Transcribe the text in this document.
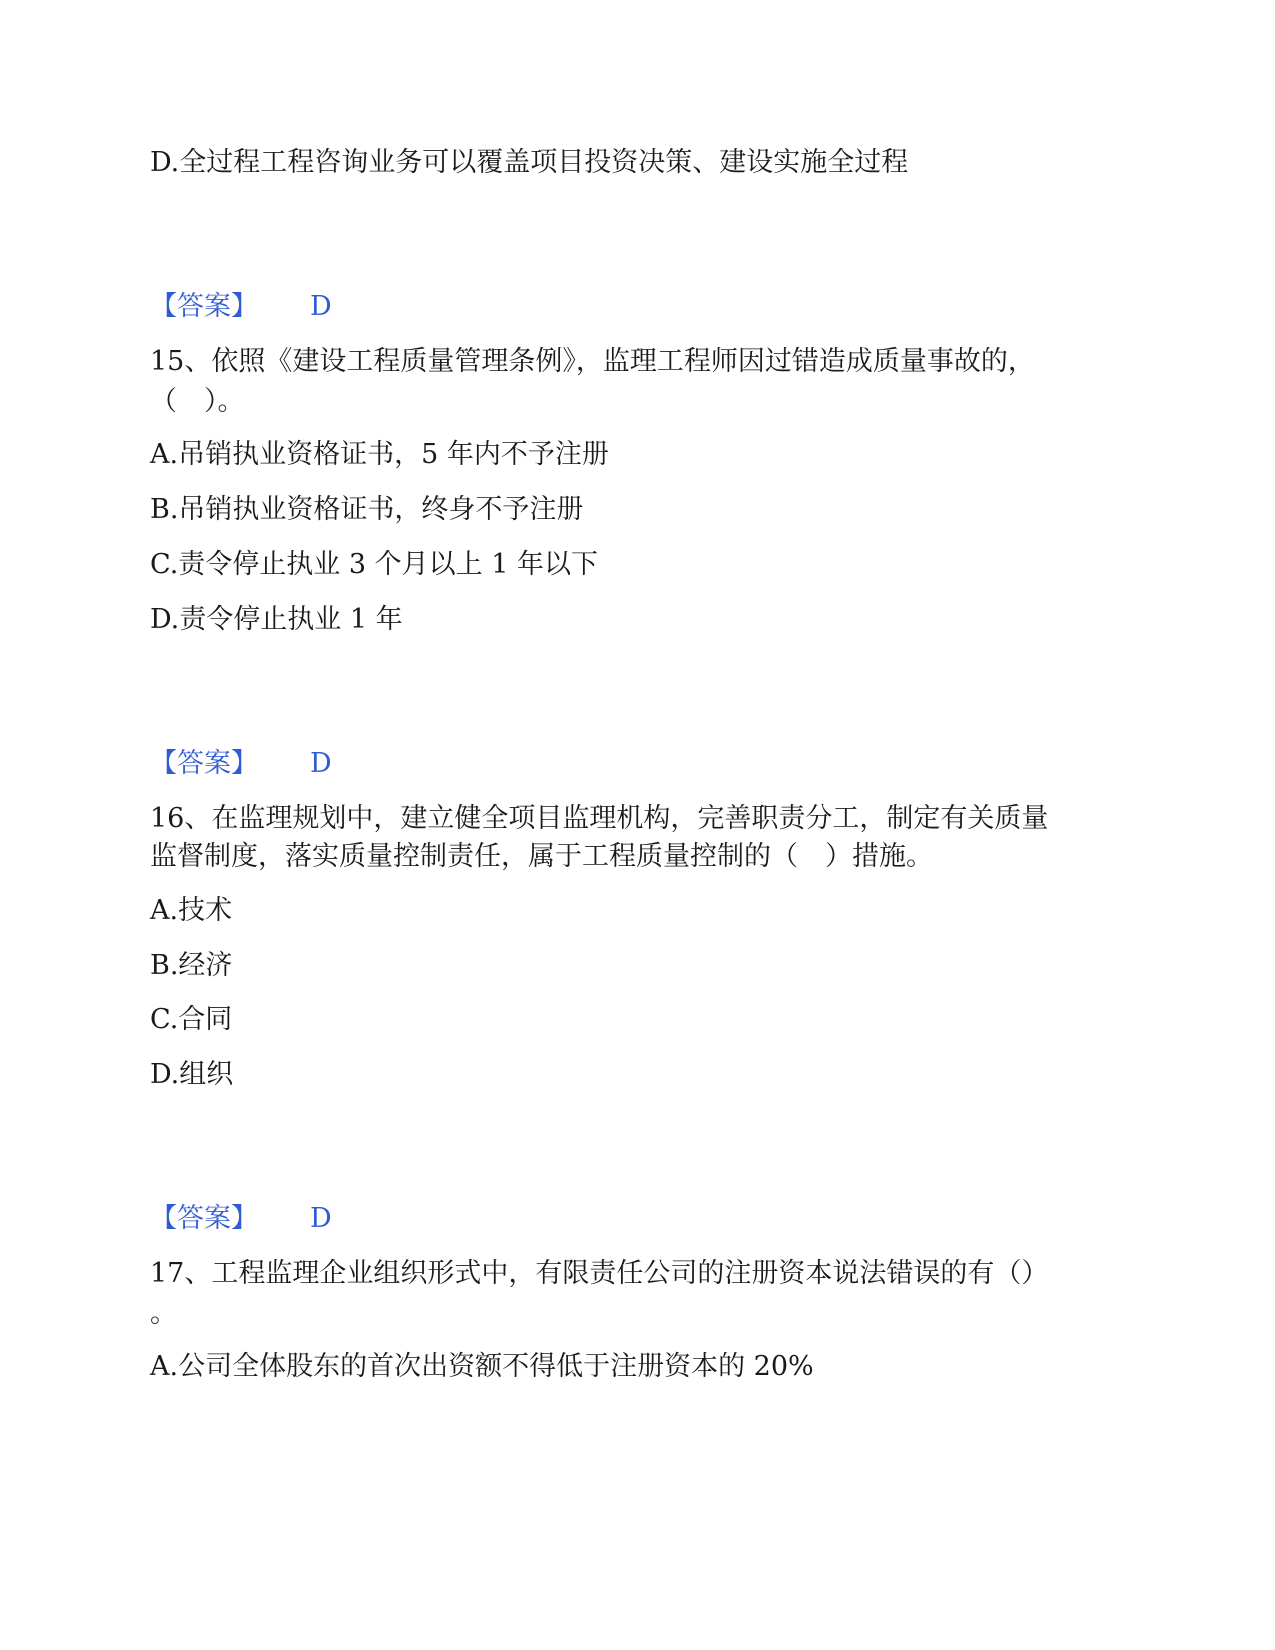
D.全过程工程咨询业务可以覆盖项目投资决策、建设实施全过程

【答案】 D

15、依照《建设工程质量管理条例》，监理工程师因过错造成质量事故的，

（　）。

A.吊销执业资格证书，5 年内不予注册

B.吊销执业资格证书，终身不予注册

C.责令停止执业 3 个月以上 1 年以下

D.责令停止执业 1 年

【答案】 D

16、在监理规划中，建立健全项目监理机构，完善职责分工，制定有关质量

监督制度，落实质量控制责任，属于工程质量控制的（　）措施。

A.技术

B.经济

C.合同

D.组织

【答案】 D

17、工程监理企业组织形式中，有限责任公司的注册资本说法错误的有（）

。

A.公司全体股东的首次出资额不得低于注册资本的 20%
